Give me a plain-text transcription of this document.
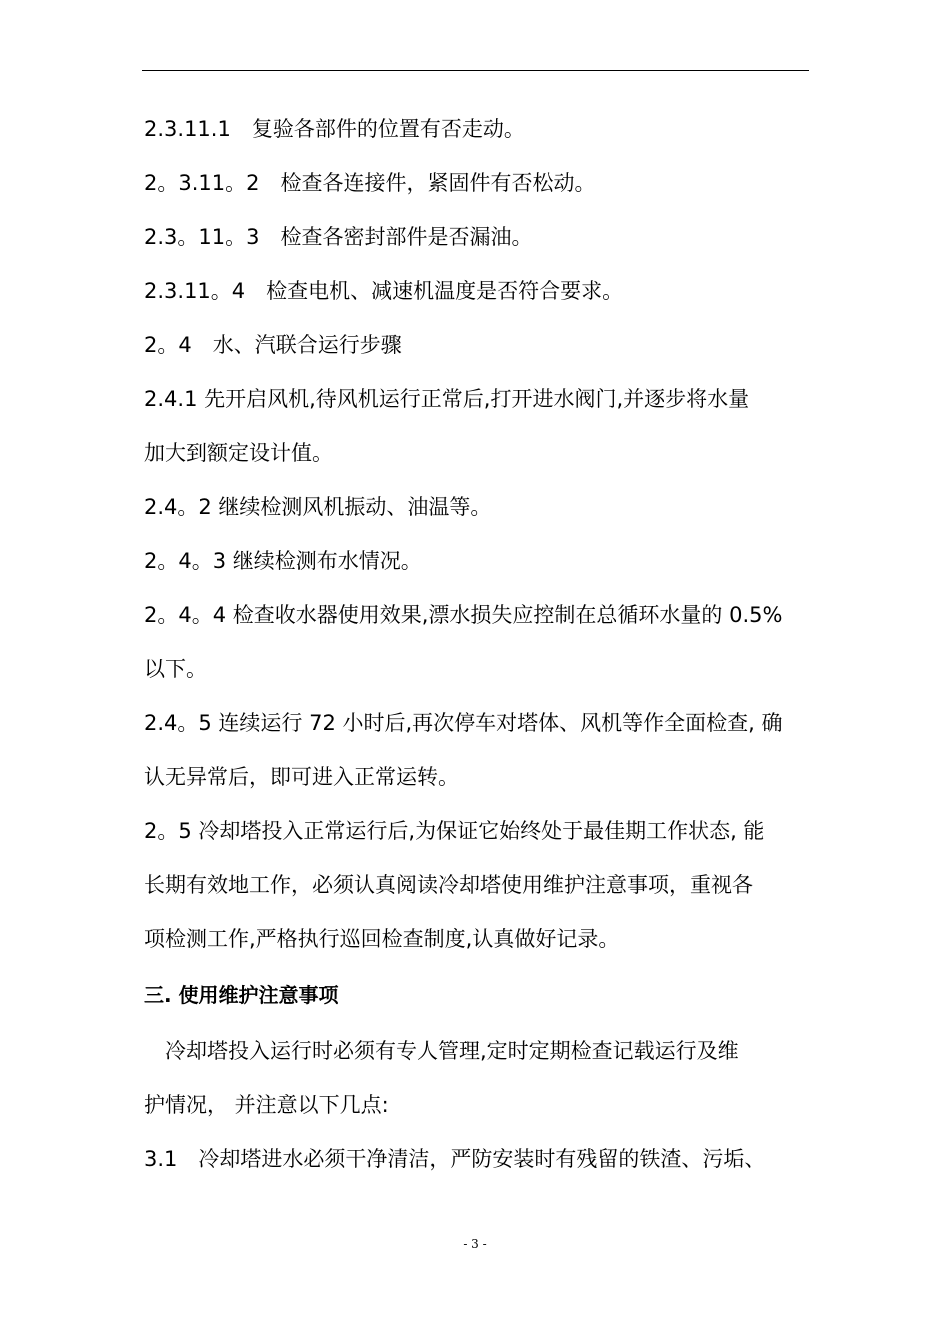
2.3.11.1　复验各部件的位置有否走动。
2。3.11。2　检查各连接件，紧固件有否松动。
2.3。11。3　检查各密封部件是否漏油。
2.3.11。4　检查电机、减速机温度是否符合要求。
2。4　水、汽联合运行步骤
2.4.1 先开启风机,待风机运行正常后,打开进水阀门,并逐步将水量
加大到额定设计值。
2.4。2 继续检测风机振动、油温等。
2。4。3 继续检测布水情况。
2。4。4 检查收水器使用效果,漂水损失应控制在总循环水量的 0.5%
以下。
2.4。5 连续运行 72 小时后,再次停车对塔体、风机等作全面检查, 确
认无异常后，即可进入正常运转。
2。5 冷却塔投入正常运行后,为保证它始终处于最佳期工作状态, 能
长期有效地工作，必须认真阅读冷却塔使用维护注意事项，重视各
项检测工作,严格执行巡回检查制度,认真做好记录。
三. 使用维护注意事项
　冷却塔投入运行时必须有专人管理,定时定期检查记载运行及维
护情况， 并注意以下几点:
3.1　冷却塔进水必须干净清洁，严防安装时有残留的铁渣、污垢、
- 3 -
